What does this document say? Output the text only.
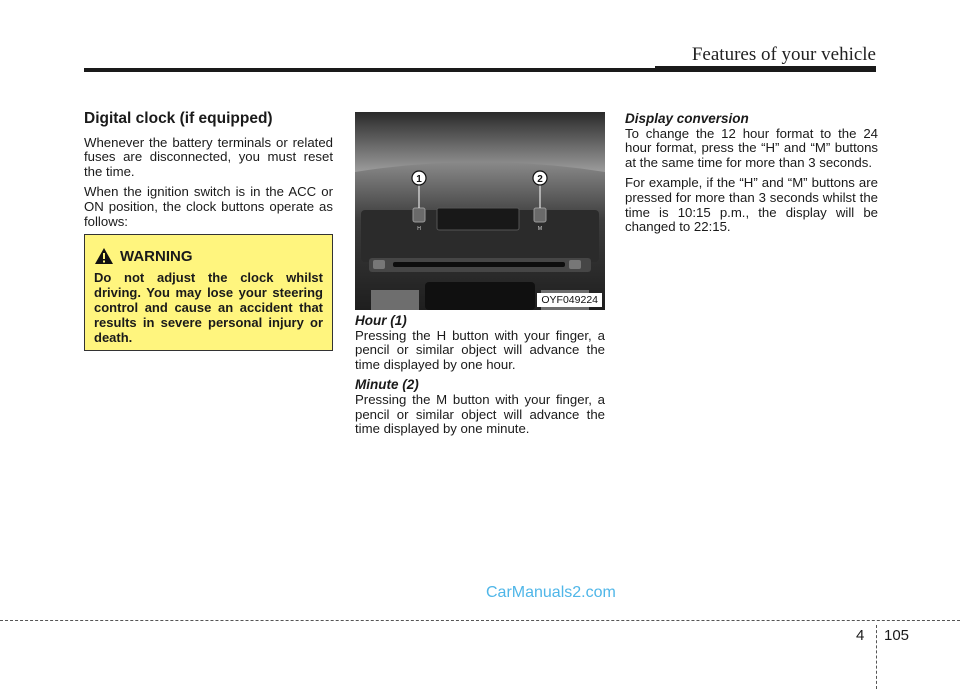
Features of your vehicle
Digital clock (if equipped)

Whenever the battery terminals or related fuses are disconnected, you must reset the time.

When the ignition switch is in the ACC or ON position, the clock buttons operate as follows:

WARNING

Do not adjust the clock whilst driving. You may lose your steering control and cause an accident that results in severe personal injury or death.

1	2
H	M
OYF049224
Hour (1)

Pressing the H button with your finger, a pencil or similar object will advance the time displayed by one hour.

Minute (2)

Pressing the M button with your finger, a pencil or similar object will advance the time displayed by one minute.

Display conversion

To change the 12 hour format to the 24 hour format, press the “H” and “M” buttons at the same time for more than 3 seconds.

For example, if the “H” and “M” buttons are pressed for more than 3 seconds whilst the time is 10:15 p.m., the display will be changed to 22:15.

CarManuals2.com
4 105
